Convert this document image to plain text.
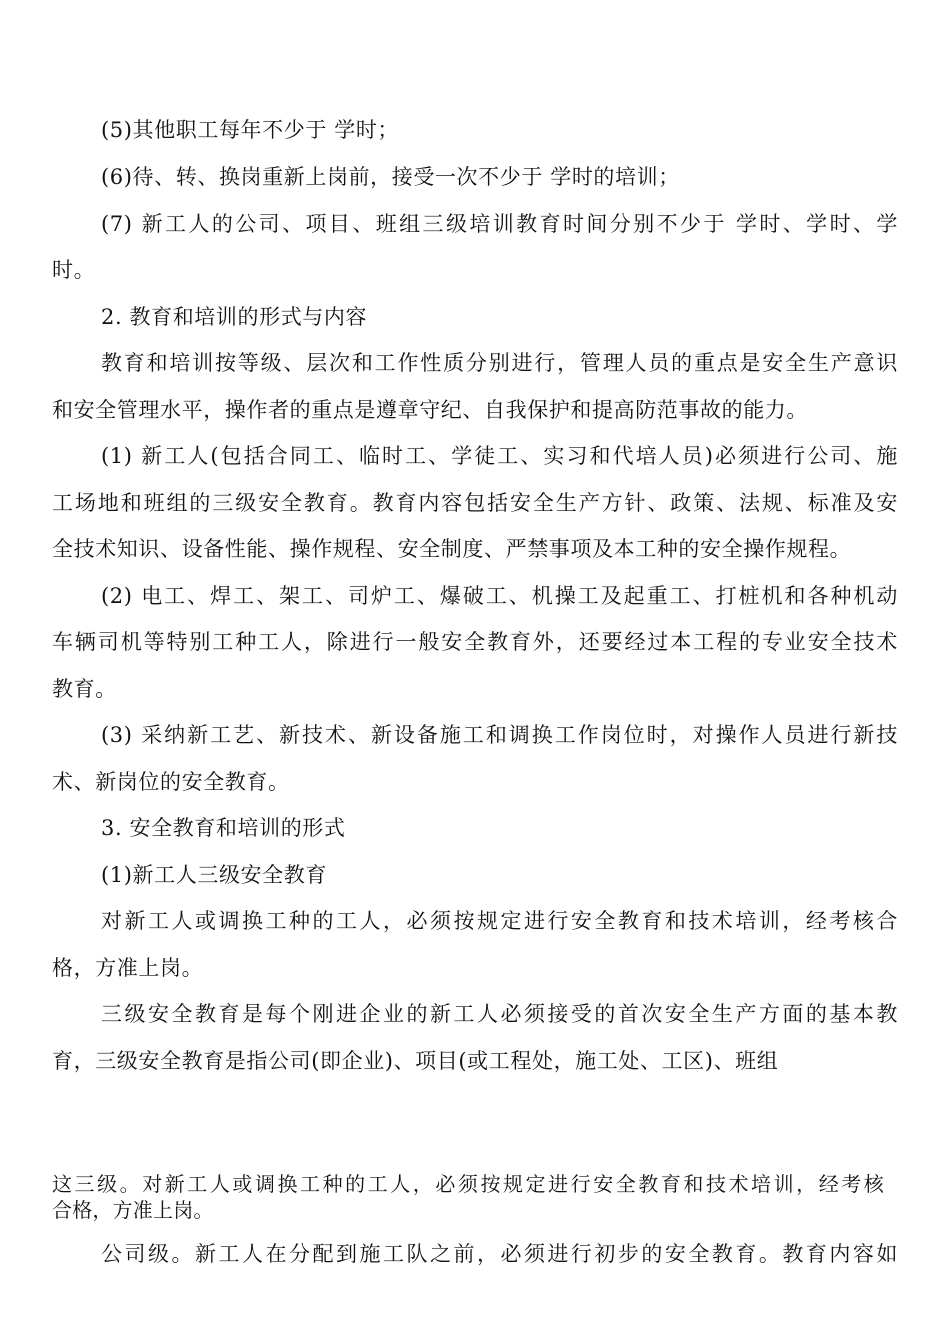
(5)其他职工每年不少于 学时；
(6)待、转、换岗重新上岗前，接受一次不少于 学时的培训；
(7) 新工人的公司、项目、班组三级培训教育时间分别不少于 学时、学时、学
时。
2. 教育和培训的形式与内容
教育和培训按等级、层次和工作性质分别进行，管理人员的重点是安全生产意识
和安全管理水平，操作者的重点是遵章守纪、自我保护和提高防范事故的能力。
(1) 新工人(包括合同工、临时工、学徒工、实习和代培人员)必须进行公司、施
工场地和班组的三级安全教育。教育内容包括安全生产方针、政策、法规、标准及安
全技术知识、设备性能、操作规程、安全制度、严禁事项及本工种的安全操作规程。
(2) 电工、焊工、架工、司炉工、爆破工、机操工及起重工、打桩机和各种机动
车辆司机等特别工种工人，除进行一般安全教育外，还要经过本工程的专业安全技术
教育。
(3) 采纳新工艺、新技术、新设备施工和调换工作岗位时，对操作人员进行新技
术、新岗位的安全教育。
3. 安全教育和培训的形式
(1)新工人三级安全教育
对新工人或调换工种的工人，必须按规定进行安全教育和技术培训，经考核合
格，方准上岗。
三级安全教育是每个刚进企业的新工人必须接受的首次安全生产方面的基本教
育，三级安全教育是指公司(即企业)、项目(或工程处，施工处、工区)、班组
这三级。对新工人或调换工种的工人，必须按规定进行安全教育和技术培训，经考核
合格，方准上岗。
公司级。新工人在分配到施工队之前，必须进行初步的安全教育。教育内容如
